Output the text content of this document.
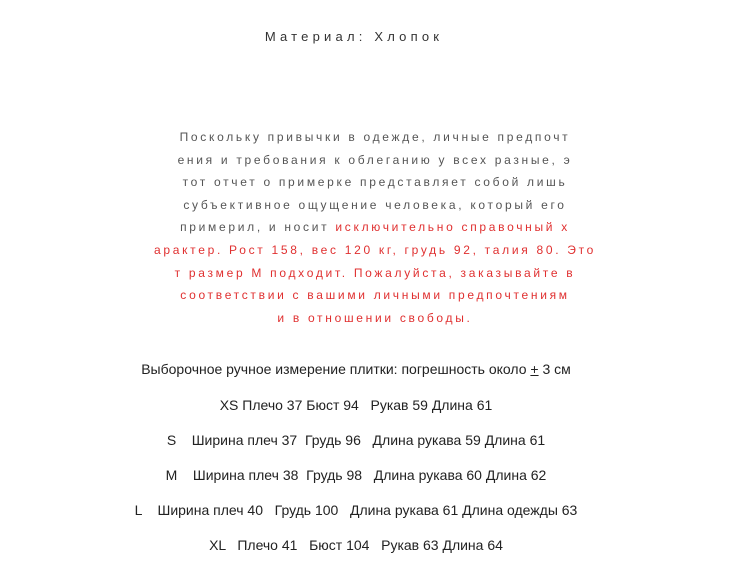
Материал: Хлопок
Поскольку привычки в одежде, личные предпочт
ения и требования к облеганию у всех разные, э
тот отчет о примерке представляет собой лишь
субъективное ощущение человека, который его
примерил, и носит исключительно справочный х
арактер. Рост 158, вес 120 кг, грудь 92, талия 80. Это
т размер M подходит. Пожалуйста, заказывайте в
соответствии с вашими личными предпочтениям
и в отношении свободы.
Выборочное ручное измерение плитки: погрешность около + 3 см
XS Плечо 37 Бюст 94   Рукав 59 Длина 61
S    Ширина плеч 37  Грудь 96   Длина рукава 59 Длина 61
M    Ширина плеч 38  Грудь 98   Длина рукава 60 Длина 62
L    Ширина плеч 40   Грудь 100   Длина рукава 61 Длина одежды 63
XL   Плечо 41   Бюст 104   Рукав 63 Длина 64
